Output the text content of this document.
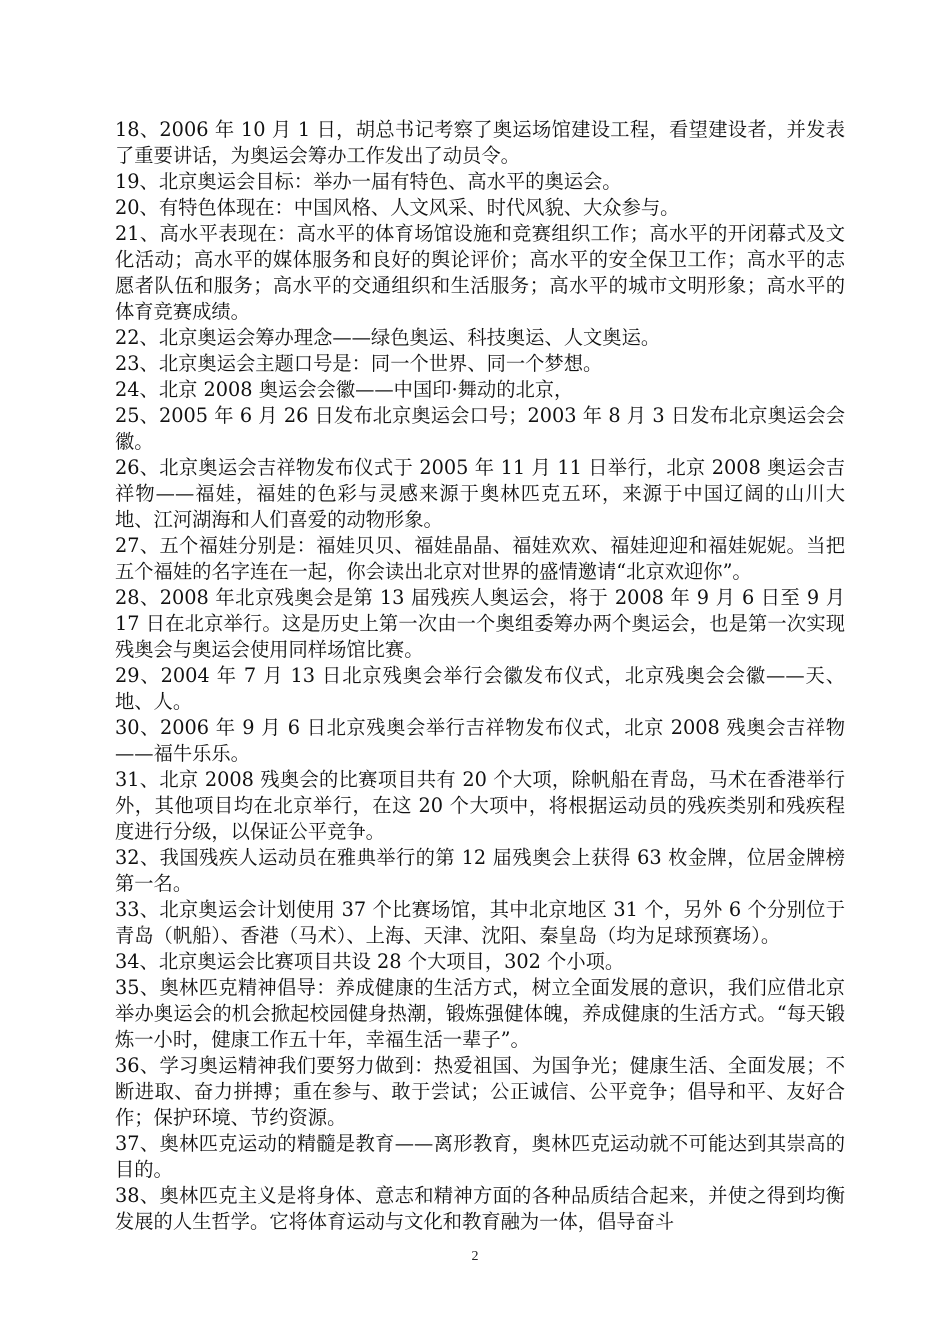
18、2006 年 10 月 1 日，胡总书记考察了奥运场馆建设工程，看望建设者，并发表了重要讲话，为奥运会筹办工作发出了动员令。

19、北京奥运会目标：举办一届有特色、高水平的奥运会。

20、有特色体现在：中国风格、人文风采、时代风貌、大众参与。

21、高水平表现在：高水平的体育场馆设施和竞赛组织工作；高水平的开闭幕式及文化活动；高水平的媒体服务和良好的舆论评价；高水平的安全保卫工作；高水平的志愿者队伍和服务；高水平的交通组织和生活服务；高水平的城市文明形象；高水平的体育竞赛成绩。

22、北京奥运会筹办理念——绿色奥运、科技奥运、人文奥运。

23、北京奥运会主题口号是：同一个世界、同一个梦想。

24、北京 2008 奥运会会徽——中国印·舞动的北京，

25、2005 年 6 月 26 日发布北京奥运会口号；2003 年 8 月 3 日发布北京奥运会会徽。

26、北京奥运会吉祥物发布仪式于 2005 年 11 月 11 日举行，北京 2008 奥运会吉祥物——福娃，福娃的色彩与灵感来源于奥林匹克五环，来源于中国辽阔的山川大地、江河湖海和人们喜爱的动物形象。

27、五个福娃分别是：福娃贝贝、福娃晶晶、福娃欢欢、福娃迎迎和福娃妮妮。当把五个福娃的名字连在一起，你会读出北京对世界的盛情邀请“北京欢迎你”。

28、2008 年北京残奥会是第 13 届残疾人奥运会，将于 2008 年 9 月 6 日至 9 月 17 日在北京举行。这是历史上第一次由一个奥组委筹办两个奥运会，也是第一次实现残奥会与奥运会使用同样场馆比赛。

29、2004 年 7 月 13 日北京残奥会举行会徽发布仪式，北京残奥会会徽——天、地、人。

30、2006 年 9 月 6 日北京残奥会举行吉祥物发布仪式，北京 2008 残奥会吉祥物——福牛乐乐。

31、北京 2008 残奥会的比赛项目共有 20 个大项，除帆船在青岛，马术在香港举行外，其他项目均在北京举行，在这 20 个大项中，将根据运动员的残疾类别和残疾程度进行分级，以保证公平竞争。

32、我国残疾人运动员在雅典举行的第 12 届残奥会上获得 63 枚金牌，位居金牌榜第一名。

33、北京奥运会计划使用 37 个比赛场馆，其中北京地区 31 个，另外 6 个分别位于青岛（帆船）、香港（马术）、上海、天津、沈阳、秦皇岛（均为足球预赛场）。

34、北京奥运会比赛项目共设 28 个大项目，302 个小项。

35、奥林匹克精神倡导：养成健康的生活方式，树立全面发展的意识，我们应借北京举办奥运会的机会掀起校园健身热潮，锻炼强健体魄，养成健康的生活方式。“每天锻炼一小时，健康工作五十年，幸福生活一辈子”。

36、学习奥运精神我们要努力做到：热爱祖国、为国争光；健康生活、全面发展；不断进取、奋力拼搏；重在参与、敢于尝试；公正诚信、公平竞争；倡导和平、友好合作；保护环境、节约资源。

37、奥林匹克运动的精髓是教育——离形教育，奥林匹克运动就不可能达到其崇高的目的。

38、奥林匹克主义是将身体、意志和精神方面的各种品质结合起来，并使之得到均衡发展的人生哲学。它将体育运动与文化和教育融为一体，倡导奋斗

2
